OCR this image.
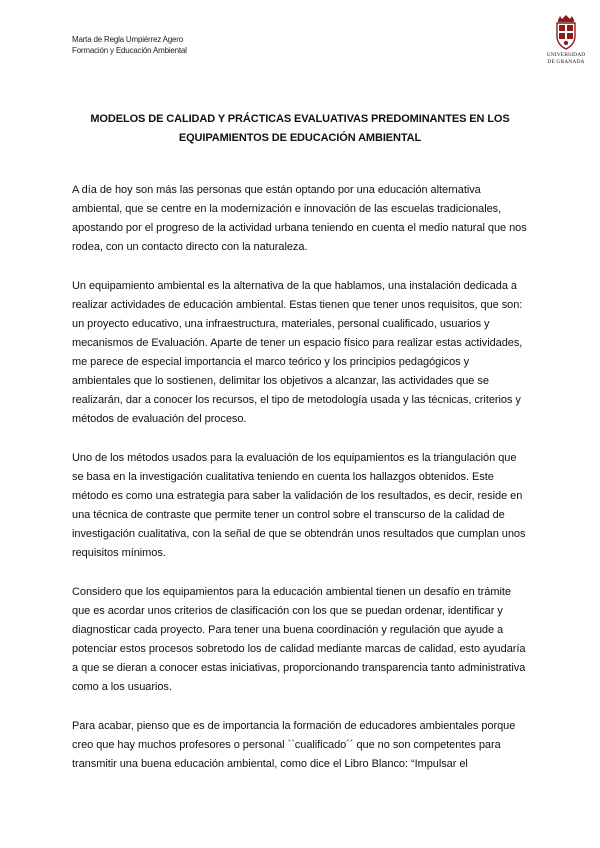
Marta de Regla Umpiérrez Agero
Formación y Educación Ambiental	UNIVERSIDAD
DE GRANADA
MODELOS DE CALIDAD Y PRÁCTICAS EVALUATIVAS PREDOMINANTES EN LOS
EQUIPAMIENTOS DE EDUCACIÓN AMBIENTAL

A día de hoy son más las personas que están optando por una educación alternativa ambiental, que se centre en la modernización e innovación de las escuelas tradicionales, apostando por el progreso de la actividad urbana teniendo en cuenta el medio natural que nos rodea, con un contacto directo con la naturaleza.

Un equipamiento ambiental es la alternativa de la que hablamos, una instalación dedicada a realizar actividades de educación ambiental. Estas tienen que tener unos requisitos, que son: un proyecto educativo, una infraestructura, materiales, personal cualificado, usuarios y mecanismos de Evaluación. Aparte de tener un espacio físico para realizar estas actividades, me parece de especial importancia el marco teórico y los principios pedagógicos y ambientales que lo sostienen, delimitar los objetivos a alcanzar, las actividades que se realizarán, dar a conocer los recursos, el tipo de metodología usada y las técnicas, criterios y métodos de evaluación del proceso.

Uno de los métodos usados para la evaluación de los equipamientos es la triangulación que se basa en la investigación cualitativa teniendo en cuenta los hallazgos obtenidos. Este método es como una estrategia para saber la validación de los resultados, es decir, reside en una técnica de contraste que permite tener un control sobre el transcurso de la calidad de investigación cualitativa, con la señal de que se obtendrán unos resultados que cumplan unos requisitos mínimos.

Considero que los equipamientos para la educación ambiental tienen un desafío en trámite que es acordar unos criterios de clasificación con los que se puedan ordenar, identificar y diagnosticar cada proyecto. Para tener una buena coordinación y regulación que ayude a potenciar estos procesos sobretodo los de calidad mediante marcas de calidad, esto ayudaría a que se dieran a conocer estas iniciativas, proporcionando transparencia tanto administrativa como a los usuarios.

Para acabar, pienso que es de importancia la formación de educadores ambientales porque creo que hay muchos profesores o personal ``cualificado´´ que no son competentes para transmitir una buena educación ambiental, como dice el Libro Blanco: “Impulsar el
